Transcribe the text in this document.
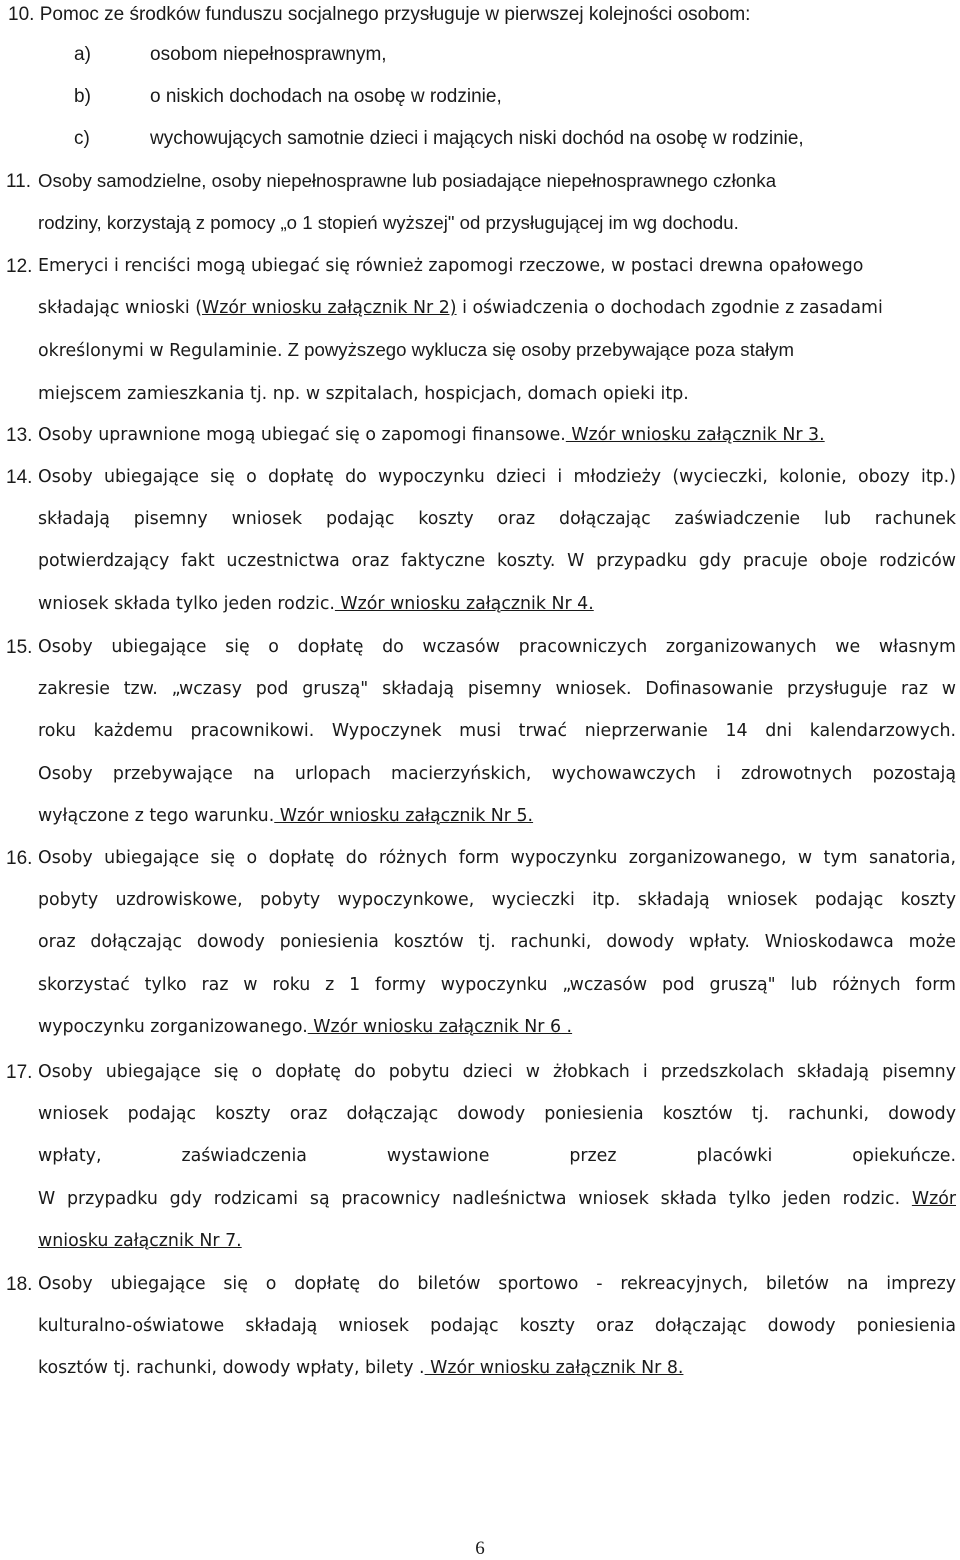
10. Pomoc ze środków funduszu socjalnego przysługuje w pierwszej kolejności osobom:
a)	osobom niepełnosprawnym,
b)	o niskich dochodach na osobę w rodzinie,
c)	wychowujących samotnie dzieci i mających niski dochód na osobę w rodzinie,
11. Osoby samodzielne, osoby niepełnosprawne lub posiadające niepełnosprawnego członka
rodziny, korzystają z pomocy „o 1 stopień wyższej" od przysługującej im wg dochodu.
12. Emeryci i renciści mogą ubiegać się również zapomogi rzeczowe, w postaci drewna opałowego
składając wnioski (Wzór wniosku załącznik Nr 2) i oświadczenia o dochodach zgodnie z zasadami
określonymi w Regulaminie. Z powyższego wyklucza się osoby przebywające poza stałym
miejscem zamieszkania tj. np. w szpitalach, hospicjach, domach opieki itp.
13. Osoby uprawnione mogą ubiegać się o zapomogi finansowe. Wzór wniosku załącznik Nr 3.
14. Osoby ubiegające się o dopłatę do wypoczynku dzieci i młodzieży (wycieczki, kolonie, obozy itp.)
składają pisemny wniosek podając koszty oraz dołączając zaświadczenie lub rachunek
potwierdzający fakt uczestnictwa oraz faktyczne koszty. W przypadku gdy pracuje oboje rodziców
wniosek składa tylko jeden rodzic. Wzór wniosku załącznik Nr 4.
15. Osoby ubiegające się o dopłatę do wczasów pracowniczych zorganizowanych we własnym
zakresie tzw. „wczasy pod gruszą" składają pisemny wniosek. Dofinasowanie przysługuje raz w
roku każdemu pracownikowi. Wypoczynek musi trwać nieprzerwanie 14 dni kalendarzowych.
Osoby przebywające na urlopach macierzyńskich, wychowawczych i zdrowotnych pozostają
wyłączone z tego warunku. Wzór wniosku załącznik Nr 5.
16. Osoby ubiegające się o dopłatę do różnych form wypoczynku zorganizowanego, w tym sanatoria,
pobyty uzdrowiskowe, pobyty wypoczynkowe, wycieczki itp. składają wniosek podając koszty
oraz dołączając dowody poniesienia kosztów tj. rachunki, dowody wpłaty. Wnioskodawca może
skorzystać tylko raz w roku z 1 formy wypoczynku „wczasów pod gruszą" lub różnych form
wypoczynku zorganizowanego. Wzór wniosku załącznik Nr 6 .
17. Osoby ubiegające się o dopłatę do pobytu dzieci w żłobkach i przedszkolach składają pisemny
wniosek podając koszty oraz dołączając dowody poniesienia kosztów tj. rachunki, dowody
wpłaty, zaświadczenia wystawione przez placówki opiekuńcze.
W przypadku gdy rodzicami są pracownicy nadleśnictwa wniosek składa tylko jeden rodzic. Wzór
wniosku załącznik Nr 7.
18. Osoby ubiegające się o dopłatę do biletów sportowo - rekreacyjnych, biletów na imprezy
kulturalno-oświatowe składają wniosek podając koszty oraz dołączając dowody poniesienia
kosztów tj. rachunki, dowody wpłaty, bilety . Wzór wniosku załącznik Nr 8.
6
